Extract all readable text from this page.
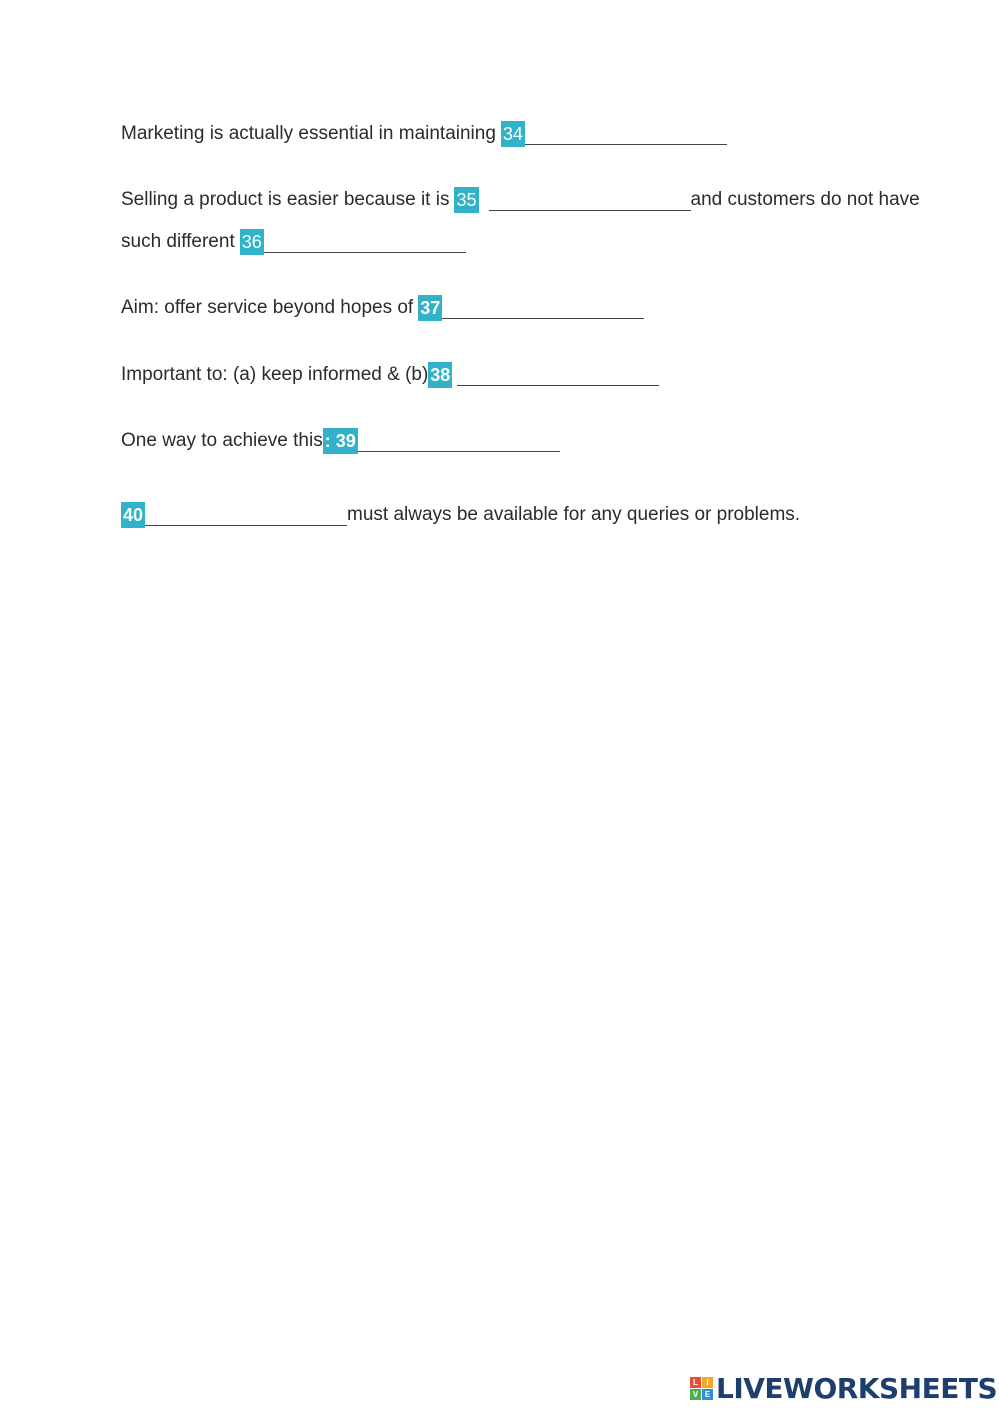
Marketing is actually essential in maintaining 34
Selling a product is easier because it is 35	and customers do not have
such different 36
Aim: offer service beyond hopes of 37
Important to: (a) keep informed & (b) 38
One way to achieve this : 39
40	must always be available for any queries or problems.
L	I
V E LIVEWORKSHEETS
